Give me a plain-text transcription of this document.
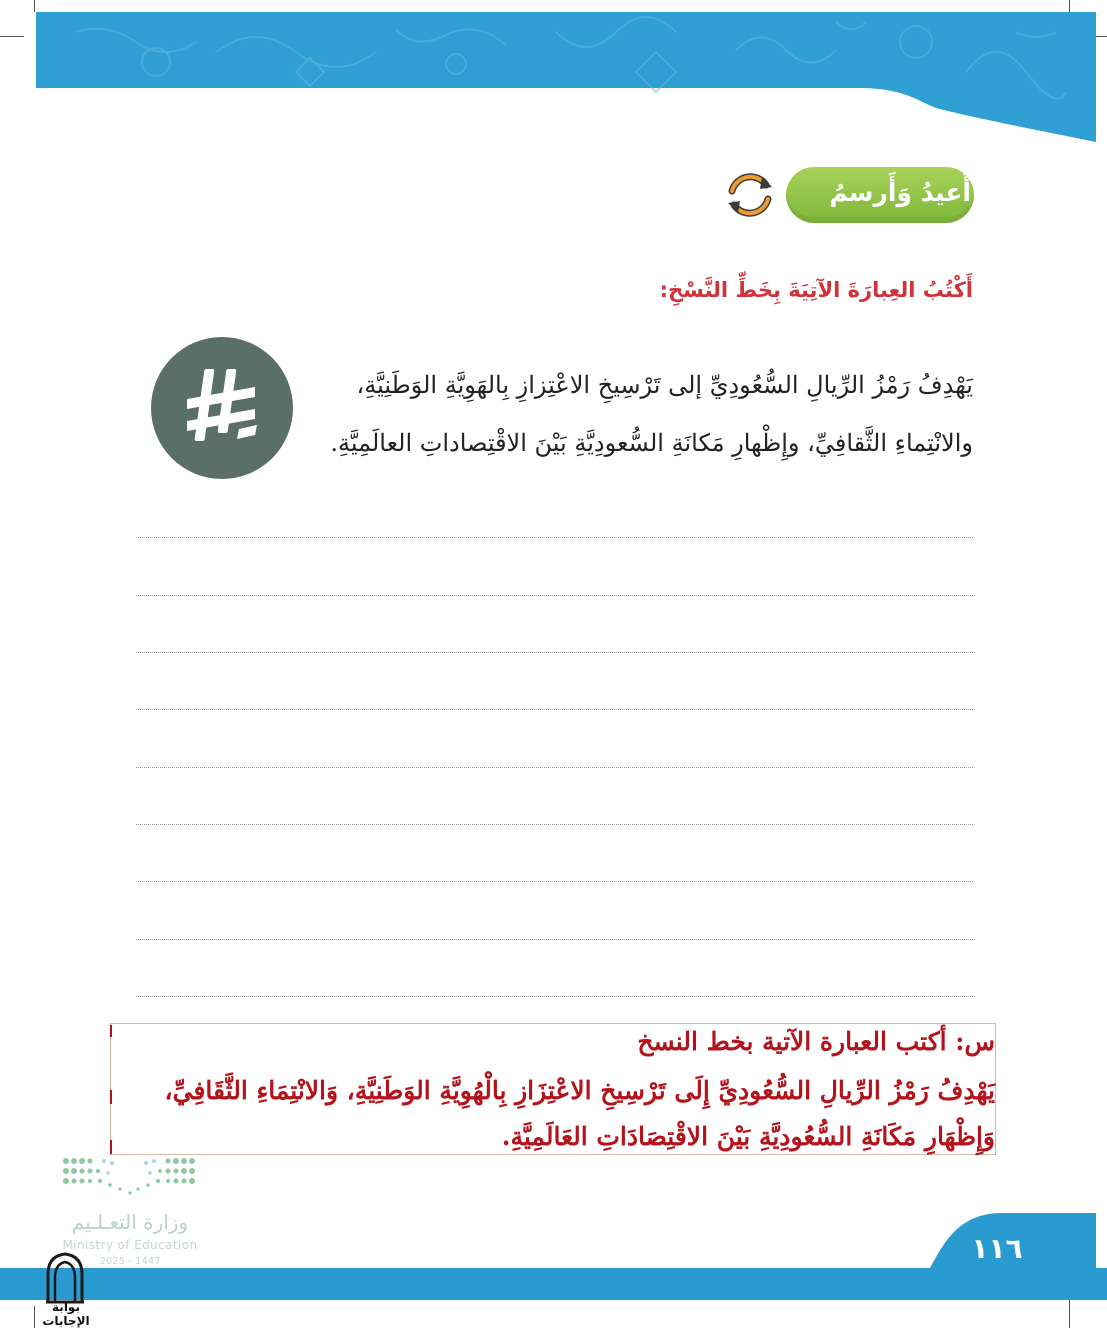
أُعيدُ وَأَرسمُ
أَكْتُبُ العِبارَةَ الآتِيَةَ بِخَطِّ النَّسْخِ:
يَهْدِفُ رَمْزُ الرِّيالِ السُّعُودِيِّ إلى تَرْسِيخِ الاعْتِزازِ بِالهَوِيَّةِ الوَطَنِيَّةِ، والانْتِماءِ الثَّقافِيِّ، وإِظْهارِ مَكانَةِ السُّعودِيَّةِ بَيْنَ الاقْتِصاداتِ العالَمِيَّةِ.
س: أكتب العبارة الآتية بخط النسخ
يَهْدِفُ رَمْزُ الرِّيالِ السُّعُودِيِّ إِلَى تَرْسِيخِ الاعْتِزَازِ بِالْهُوِيَّةِ الوَطَنِيَّةِ، وَالانْتِمَاءِ الثَّقَافِيِّ، وَإِظْهَارِ مَكَانَةِ السُّعُودِيَّةِ بَيْنَ الاقْتِصَادَاتِ العَالَمِيَّةِ.
وزارة التعـلـيم
Ministry of Education
2025 - 1447	١١٦
بوابة الإجابات
